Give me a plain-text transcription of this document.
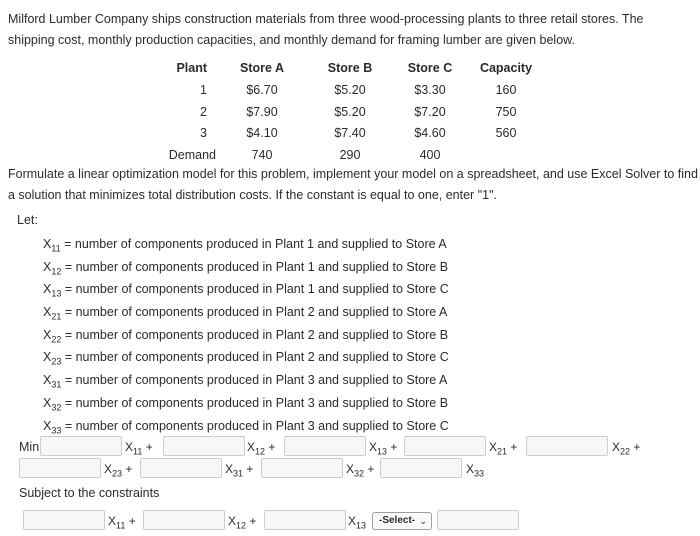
Milford Lumber Company ships construction materials from three wood-processing plants to three retail stores. The shipping cost, monthly production capacities, and monthly demand for framing lumber are given below.
Plant	Store A	Store B	Store C	Capacity
1	$6.70	$5.20	$3.30	160
2	$7.90	$5.20	$7.20	750
3	$4.10	$7.40	$4.60	560
Demand	740	290	400	
Formulate a linear optimization model for this problem, implement your model on a spreadsheet, and use Excel Solver to find a solution that minimizes total distribution costs. If the constant is equal to one, enter "1".
Let:
$X_{11}$ = number of components produced in Plant 1 and supplied to Store A
$X_{12}$ = number of components produced in Plant 1 and supplied to Store B
$X_{13}$ = number of components produced in Plant 1 and supplied to Store C
$X_{21}$ = number of components produced in Plant 2 and supplied to Store A
$X_{22}$ = number of components produced in Plant 2 and supplied to Store B
$X_{23}$ = number of components produced in Plant 2 and supplied to Store C
$X_{31}$ = number of components produced in Plant 3 and supplied to Store A
$X_{32}$ = number of components produced in Plant 3 and supplied to Store B
$X_{33}$ = number of components produced in Plant 3 and supplied to Store C
Min	$X_{11}$ +	$X_{12}$ +	$X_{13}$ +	$X_{21}$ +	$X_{22}$ +
$X_{23}$ +	$X_{31}$ +	$X_{32}$ +	$X_{33}$
Subject to the constraints
$X_{11}$ +	$X_{12}$ +	$X_{13}$	-Select- ⌄
